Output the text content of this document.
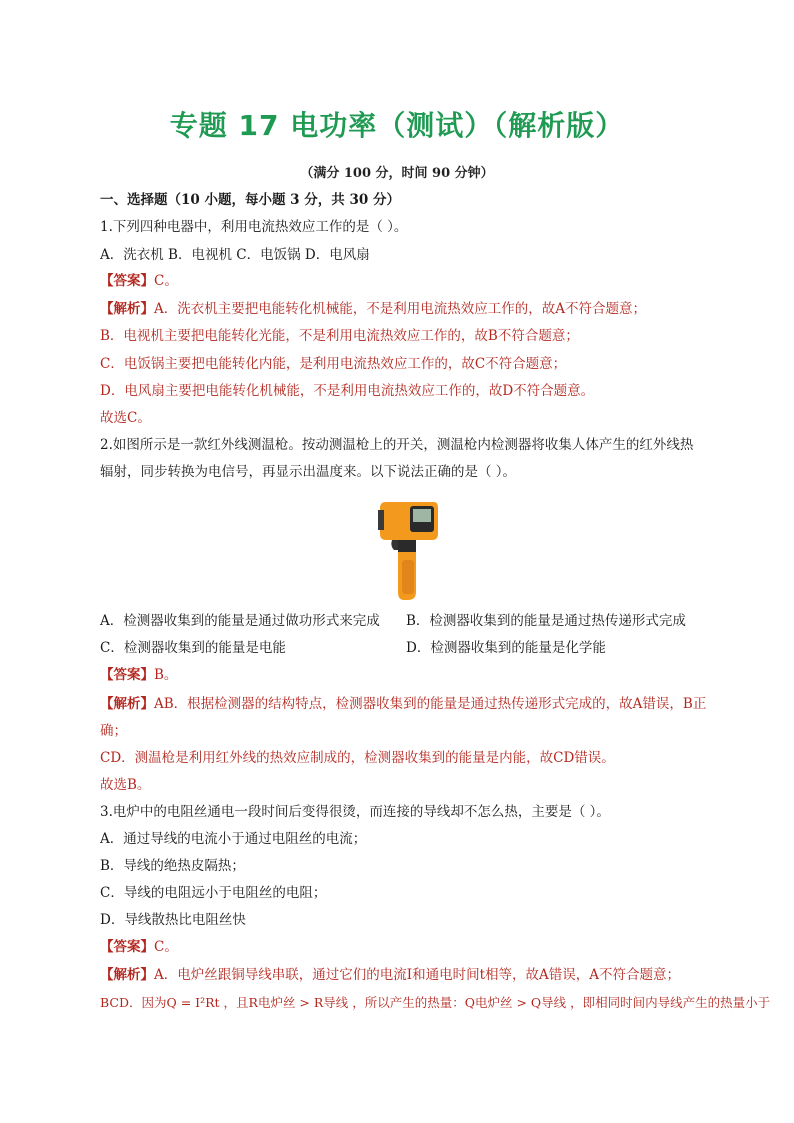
专题 17 电功率（测试）（解析版）
（满分 100 分，时间 90 分钟）
一、选择题（10 小题，每小题 3 分，共 30 分）
1.下列四种电器中，利用电流热效应工作的是（ ）。
A．洗衣机 B．电视机 C．电饭锅 D．电风扇
【答案】C。
【解析】A．洗衣机主要把电能转化机械能，不是利用电流热效应工作的，故A不符合题意；
B．电视机主要把电能转化光能，不是利用电流热效应工作的，故B不符合题意；
C．电饭锅主要把电能转化内能，是利用电流热效应工作的，故C不符合题意；
D．电风扇主要把电能转化机械能，不是利用电流热效应工作的，故D不符合题意。
故选C。
2.如图所示是一款红外线测温枪。按动测温枪上的开关，测温枪内检测器将收集人体产生的红外线热
辐射，同步转换为电信号，再显示出温度来。以下说法正确的是（ ）。
A．检测器收集到的能量是通过做功形式来完成 B．检测器收集到的能量是通过热传递形式完成
C．检测器收集到的能量是电能	D．检测器收集到的能量是化学能
【答案】B。
【解析】AB．根据检测器的结构特点，检测器收集到的能量是通过热传递形式完成的，故A错误，B正
确；
CD．测温枪是利用红外线的热效应制成的，检测器收集到的能量是内能，故CD错误。
故选B。
3.电炉中的电阻丝通电一段时间后变得很烫，而连接的导线却不怎么热，主要是（ ）。
A．通过导线的电流小于通过电阻丝的电流；
B．导线的绝热皮隔热；
C．导线的电阻远小于电阻丝的电阻；
D．导线散热比电阻丝快
【答案】C。
【解析】A．电炉丝跟铜导线串联，通过它们的电流I和通电时间t相等，故A错误，A不符合题意；
BCD．因为Q = I²Rt ，且R电炉丝 > R导线 ，所以产生的热量：Q电炉丝 > Q导线 ，即相同时间内导线产生的热量小于
